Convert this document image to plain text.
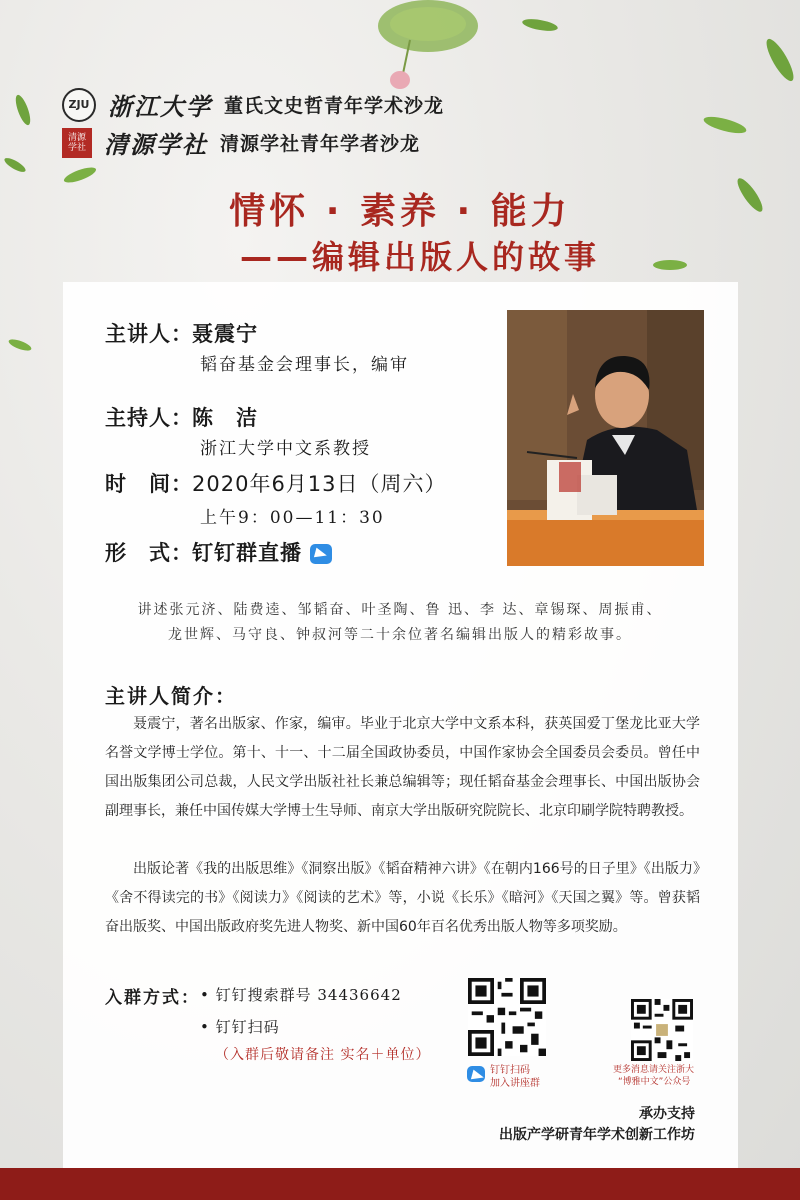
ZJU 浙江大学 董氏文史哲青年学术沙龙
清源
学社 清源学社 清源学社青年学者沙龙
情怀 · 素养 · 能力
——编辑出版人的故事
主讲人： 聂震宁
韬奋基金会理事长，编审
主持人： 陈　洁
浙江大学中文系教授
时　间： 2020年6月13日（周六）
上午9：00—11：30
形　式： 钉钉群直播
讲述张元济、陆费逵、邹韬奋、叶圣陶、鲁 迅、李 达、章锡琛、周振甫、
龙世辉、马守良、钟叔河等二十余位著名编辑出版人的精彩故事。
主讲人简介：

聂震宁，著名出版家、作家，编审。毕业于北京大学中文系本科，获英国爱丁堡龙比亚大学名誉文学博士学位。第十、十一、十二届全国政协委员，中国作家协会全国委员会委员。曾任中国出版集团公司总裁，人民文学出版社社长兼总编辑等；现任韬奋基金会理事长、中国出版协会副理事长，兼任中国传媒大学博士生导师、南京大学出版研究院院长、北京印刷学院特聘教授。

出版论著《我的出版思维》《洞察出版》《韬奋精神六讲》《在朝内166号的日子里》《出版力》《舍不得读完的书》《阅读力》《阅读的艺术》等，小说《长乐》《暗河》《天国之翼》等。曾获韬奋出版奖、中国出版政府奖先进人物奖、新中国60年百名优秀出版人物等多项奖励。

入群方式： • 钉钉搜索群号 34436642
• 钉钉扫码
（入群后敬请备注 实名＋单位）
钉钉扫码
加入讲座群
更多消息请关注浙大
“博雅中文”公众号
承办支持
出版产学研青年学术创新工作坊
